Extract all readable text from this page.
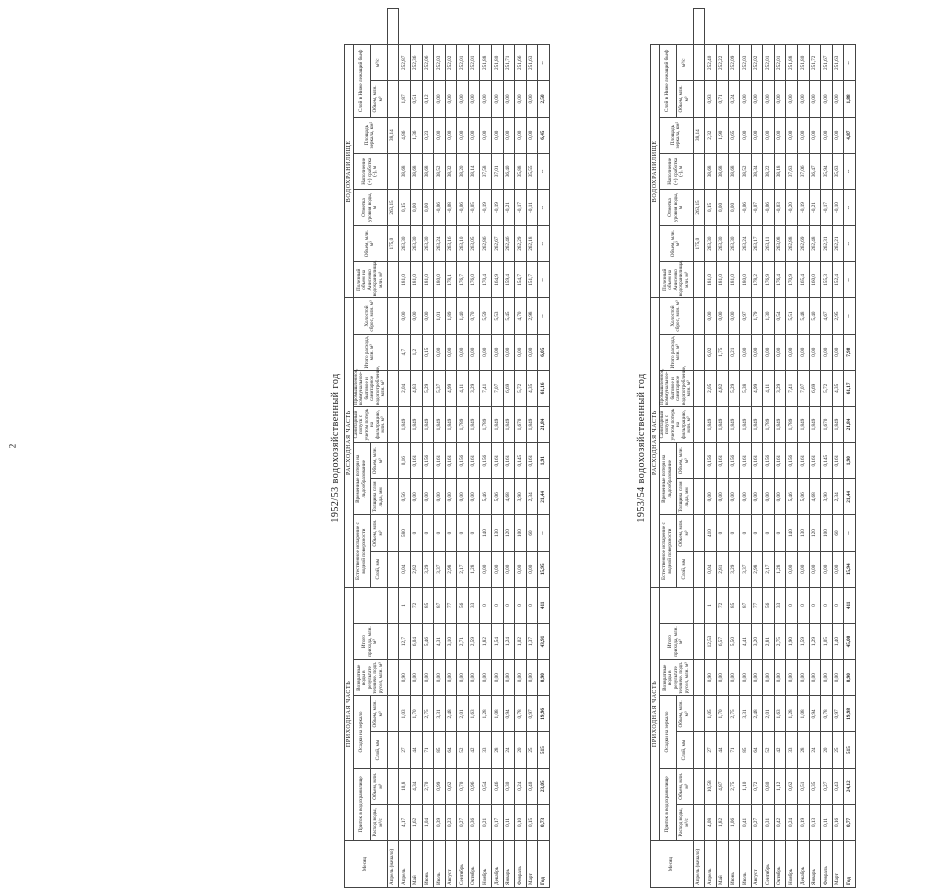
2	1952/53 водохозяйственный год
Месяц	ПРИХОДНАЯ ЧАСТЬ							РАСХОДНАЯ ЧАСТЬ								ВОДОХРАНИЛИЩЕ							
	Приток в водохранилище		Осадки на зеркало		Возвратные воды в результате техниче. подп. русел, млн. м³	Итого прихода, млн. м³		Естественное испарение с водной поверхности		Временные потери на льдообразование		Санитарный попуск с учетом потерь на фильтрацию, млн. м³	Промышленное, коммунальное-бытовое и санитарное водопотребление, млн. м³	Итого расхода, млн. м³	Холостой сброс, млн. м³	Полезный объем на Анисенко водохранилища, млн. м³	Объем, млн. м³	Отметка уровня воды, м	Наполнение (+) сработка (-), м	Площадь зеркала, км²	Слой в Ниже лежащий бьеф		
	Расход воды, м³/с	Объем, млн. м³	Слой, мм	Объем, млн. м³				Слой, мм	Объем, млн. м³	Толщина слоя льда, мм	Объем, млн. м³										Объем, млн. м³	м³/с	
Апрель (начало)																	175,0	263,15		38,14			
Апрель	4,17	10,8	27	1,03	0,90	12,7	1	0,04	580	0,56	0,16	1,849	2,04	4,7	0,00	181,0	263,30	0,15	38,68	4,86	1,87	252,87	
Май	1,62	4,34	44	1,70	0,00	6,04	72	2,82	0	0,00	0,161	1,849	4,83	1,2	0,00	181,0	263,30	0,00	38,68	1,36	0,51	252,36	
Июнь	1,04	2,70	71	2,75	0,00	5,46	85	3,29	0	0,00	0,156	1,849	5,29	0,15	0,00	181,0	263,30	0,00	38,68	0,23	0,12	252,06	
Июль	0,39	0,99	85	3,31	0,00	4,31	87	3,37	0	0,00	0,161	1,849	5,37	0,00	1,01	180,0	263,24	-0,06	38,52	0,00	0,00	252,03	
Август	0,23	0,62	64	2,48	0,00	3,10	77	2,98	0	0,00	0,161	1,849	4,99	0,00	1,89	178,1	263,16	-0,08	38,32	0,00	0,00	252,02	
Сентябрь	0,27	0,70	52	2,01	0,00	2,71	56	2,17	0	0,00	0,156	1,789	4,11	0,00	1,40	176,7	263,10	-0,06	38,20	0,00	0,00	252,01	
Октябрь	0,36	0,96	42	1,63	0,00	2,59	33	1,28	0	0,00	0,161	1,849	3,29	0,00	0,70	176,0	263,05	-0,05	38,14	0,00	0,00	252,01	
Ноябрь	0,21	0,54	33	1,28	0,00	1,82	0	0,00	140	5,46	0,156	1,789	7,41	0,00	5,59	170,4	262,86	-0,19	37,58	0,00	0,00	251,88	
Декабрь	0,17	0,46	28	1,08	0,00	1,54	0	0,00	130	5,06	0,161	1,849	7,07	0,00	5,53	164,9	262,67	-0,19	37,01	0,00	0,00	251,80	
Январь	0,11	0,30	24	0,94	0,00	1,24	0	0,00	120	4,68	0,161	1,849	6,69	0,00	5,45	159,4	262,46	-0,21	36,40	0,00	0,00	251,71	
Февраль	0,10	0,24	20	0,78	0,00	1,02	0	0,00	100	3,90	0,145	1,670	5,72	0,00	4,70	154,7	262,29	-0,17	35,88	0,00	0,00	251,66	
Март	0,15	0,40	25	0,97	0,00	1,37	0	0,00	60	2,34	0,161	1,849	4,35	0,00	2,98	151,7	262,18	-0,11	35,55	0,00	0,00	251,63	
Год	0,73	23,05	515	19,96	0,90	43,91	411	15,95	--	21,44	1,91	21,84	61,16	6,05	--	--	--	--	--	6,45	2,50	--	
1953/54 водохозяйственный год
Месяц	ПРИХОДНАЯ ЧАСТЬ							РАСХОДНАЯ ЧАСТЬ								ВОДОХРАНИЛИЩЕ							
	Приток в водохранилище		Осадки на зеркало		Возвратные воды в результате техниче. подп. русел, млн. м³	Итого прихода, млн. м³		Естественное испарение с водной поверхности		Временные потери на льдообразование		Санитарный попуск с учетом потерь на фильтрацию, млн. м³	Промышленное, коммунальное-бытовое и санитарное водопотребление, млн. м³	Итого расхода, млн. м³	Холостой сброс, млн. м³	Полезный объем на Анисенко водохранилища, млн. м³	Объем, млн. м³	Отметка уровня воды, м	Наполнение (+) сработка (-), м	Площадь зеркала, км²	Слой в Ниже лежащий бьеф		
	Расход воды, м³/с	Объем, млн. м³	Слой, мм	Объем, млн. м³				Слой, мм	Объем, млн. м³	Толщина слоя льда, мм	Объем, млн. м³										Объем, млн. м³	м³/с	
Апрель (начало)																	175,0	263,15		38,14			
Апрель	4,08	10,58	27	1,05	0,90	12,53	1	0,04	410	0,00	0,156	1,849	2,05	6,02	0,00	181,0	263,30	0,15	38,68	2,32	0,93	252,40	
Май	1,82	4,87	44	1,70	0,00	6,57	72	2,81	0	0,00	0,161	1,849	4,82	1,75	0,00	181,0	263,30	0,00	38,68	1,90	0,71	252,22	
Июнь	1,06	2,75	71	2,75	0,00	5,50	85	3,29	0	0,00	0,156	1,849	5,29	0,21	0,00	181,0	263,30	0,00	38,68	0,65	0,24	252,09	
Июль	0,41	1,10	85	3,31	0,00	4,41	87	3,37	0	0,00	0,161	1,849	5,38	0,00	0,97	180,0	263,24	-0,06	38,52	0,00	0,00	252,03	
Август	0,27	0,72	64	2,48	0,00	3,20	77	2,98	0	0,00	0,161	1,849	4,99	0,00	1,79	178,2	263,17	-0,07	38,34	0,00	0,00	252,02	
Сентябрь	0,31	0,80	52	2,01	0,00	2,81	56	2,17	0	0,00	0,156	1,789	4,11	0,00	1,30	176,9	263,11	-0,06	38,22	0,00	0,00	252,01	
Октябрь	0,42	1,12	42	1,63	0,00	2,75	33	1,28	0	0,00	0,161	1,849	3,29	0,00	0,54	176,4	263,08	-0,03	38,18	0,00	0,00	252,01	
Ноябрь	0,24	0,62	33	1,28	0,00	1,90	0	0,00	140	5,46	0,156	1,789	7,41	0,00	5,51	170,9	262,88	-0,20	37,63	0,00	0,00	251,88	
Декабрь	0,19	0,51	28	1,08	0,00	1,59	0	0,00	130	5,06	0,161	1,849	7,07	0,00	5,48	165,4	262,69	-0,19	37,06	0,00	0,00	251,80	
Январь	0,13	0,35	24	0,94	0,00	1,29	0	0,00	120	4,68	0,161	1,849	6,69	0,00	5,40	160,0	262,48	-0,21	36,47	0,00	0,00	251,72	
Февраль	0,11	0,27	20	0,78	0,00	1,05	0	0,00	100	3,90	0,145	1,670	5,72	0,00	4,67	155,3	262,31	-0,17	35,94	0,00	0,00	251,67	
Март	0,16	0,43	25	0,97	0,00	1,40	0	0,00	60	2,34	0,161	1,849	4,35	0,00	2,95	152,4	262,21	-0,10	35,63	0,00	0,00	251,63	
Год	0,77	24,12	515	19,98	0,90	45,00	411	15,94	--	21,44	1,90	21,84	61,17	7,98	--	--	--	--	--	4,87	1,88	--	
